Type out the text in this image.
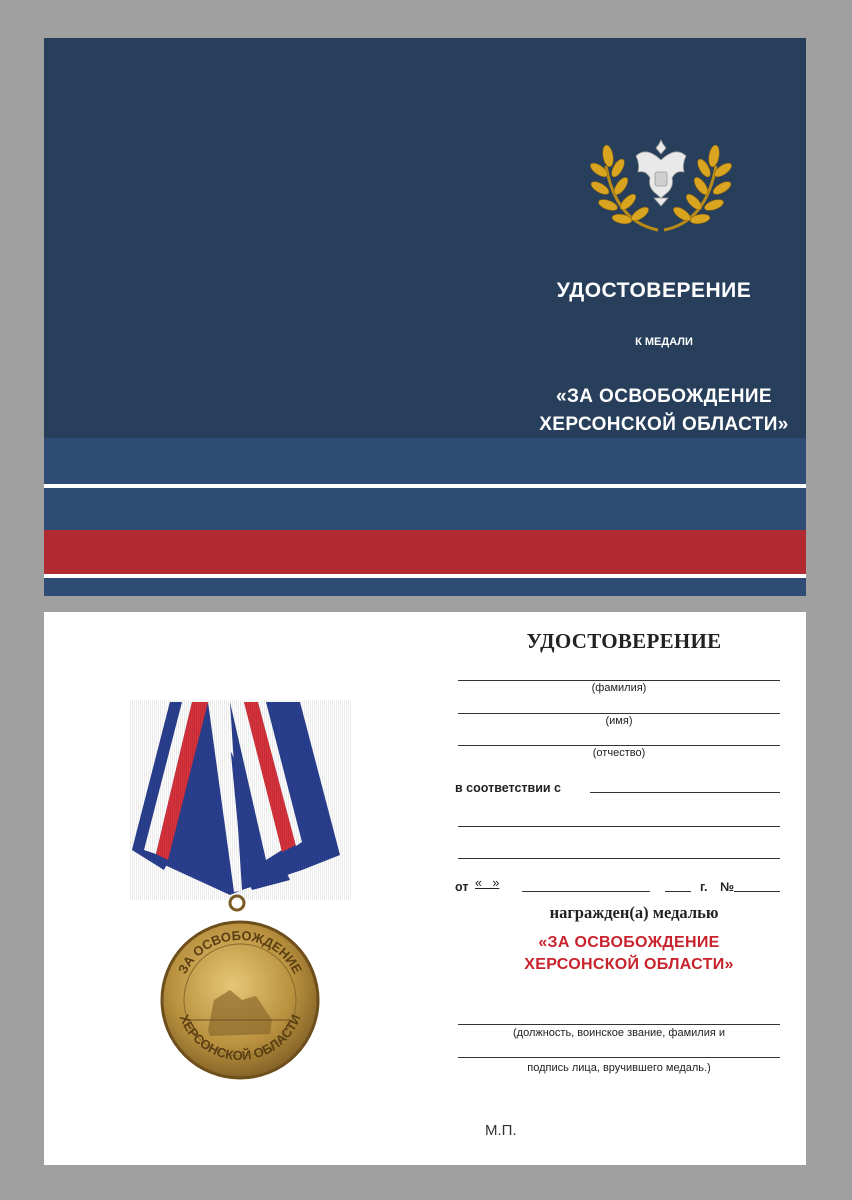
УДОСТОВЕРЕНИЕ
К МЕДАЛИ
«ЗА ОСВОБОЖДЕНИЕ
ХЕРСОНСКОЙ ОБЛАСТИ»
ЗА ОСВОБОЖДЕНИЕ
ХЕРСОНСКОЙ ОБЛАСТИ
УДОСТОВЕРЕНИЕ
(фамилия)
(имя)
(отчество)
в соответствии с
от «   »	г. №
награжден(а) медалью
«ЗА ОСВОБОЖДЕНИЕ
ХЕРСОНСКОЙ ОБЛАСТИ»
(должность, воинское звание, фамилия и
подпись лица, вручившего медаль.)
М.П.
